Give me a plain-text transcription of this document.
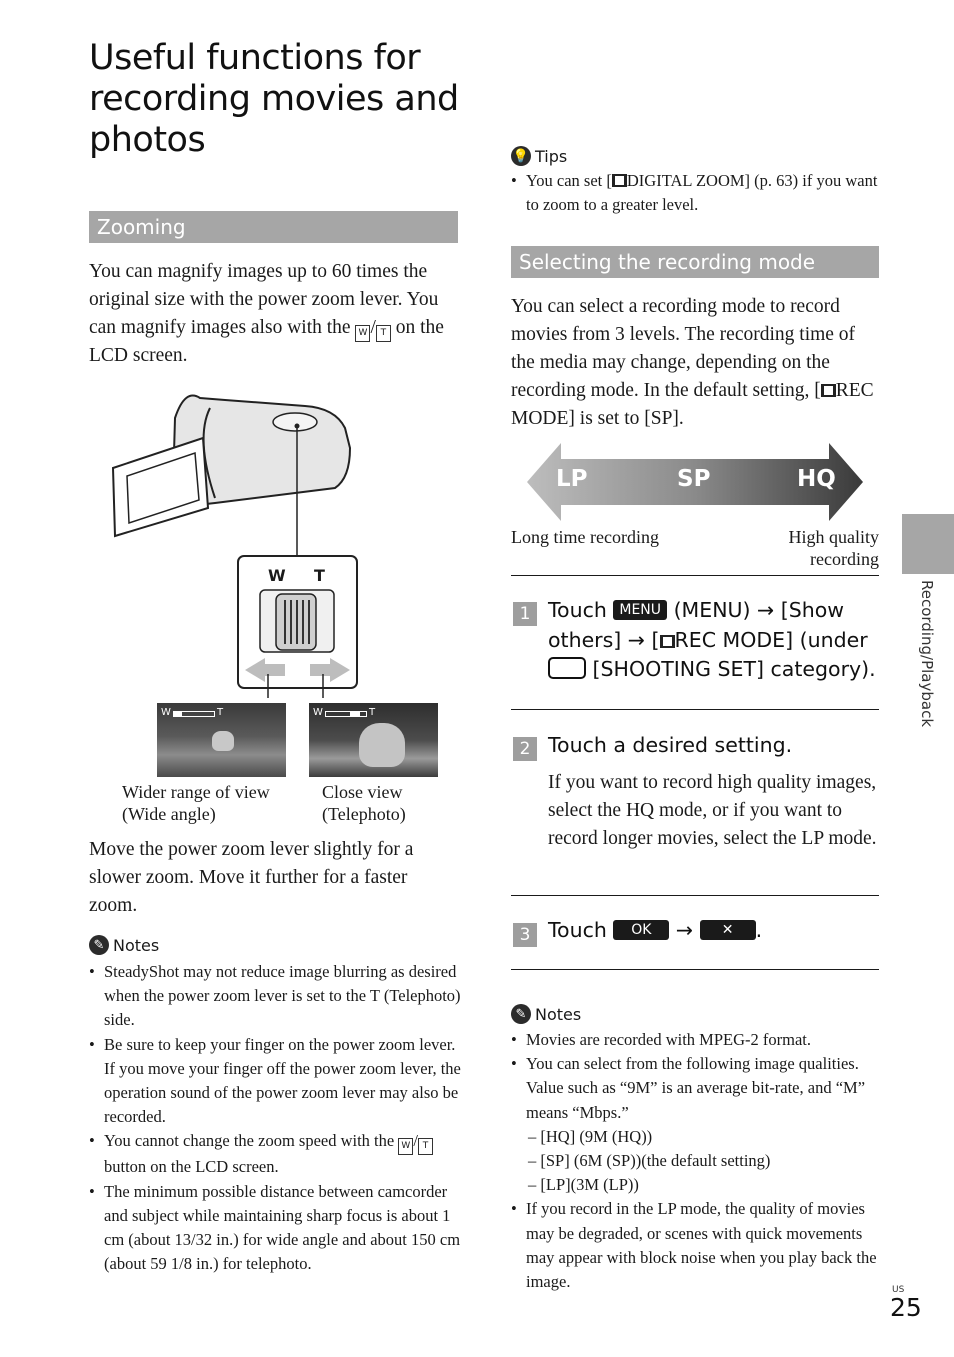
Useful functions for recording movies and photos
Zooming
You can magnify images up to 60 times the original size with the power zoom lever. You can magnify images also with the W / T on the LCD screen.
W T
W	T	W	T
Wider range of view
(Wide angle)
Close view
(Telephoto)
Move the power zoom lever slightly for a slower zoom. Move it further for a faster zoom.
✎ Notes
• SteadyShot may not reduce image blurring as desired when the power zoom lever is set to the T (Telephoto) side.
• Be sure to keep your finger on the power zoom lever. If you move your finger off the power zoom lever, the operation sound of the power zoom lever may also be recorded.
• You cannot change the zoom speed with the W / T button on the LCD screen.
• The minimum possible distance between camcorder and subject while maintaining sharp focus is about 1 cm (about 13/32 in.) for wide angle and about 150 cm (about 59 1/8 in.) for telephoto.
💡 Tips
• You can set [ DIGITAL ZOOM] (p. 63) if you want to zoom to a greater level.
Selecting the recording mode
You can select a recording mode to record movies from 3 levels. The recording time of the media may change, depending on the recording mode. In the default setting, [ REC MODE] is set to [SP].
LP	SP	HQ
Long time recording	High quality
recording
1 Touch MENU (MENU) → [Show others] → [ REC MODE] (under  [SHOOTING SET] category).
2 Touch a desired setting.
If you want to record high quality images, select the HQ mode, or if you want to record longer movies, select the LP mode.
3 Touch OK → ✕ .
✎ Notes
• Movies are recorded with MPEG-2 format.
• You can select from the following image qualities. Value such as “9M” is an average bit-rate, and “M” means “Mbps.”
– [HQ] (9M (HQ))
– [SP] (6M (SP))(the default setting)
– [LP](3M (LP))
• If you record in the LP mode, the quality of movies may be degraded, or scenes with quick movements may appear with block noise when you play back the image.
Recording/Playback
US
25
